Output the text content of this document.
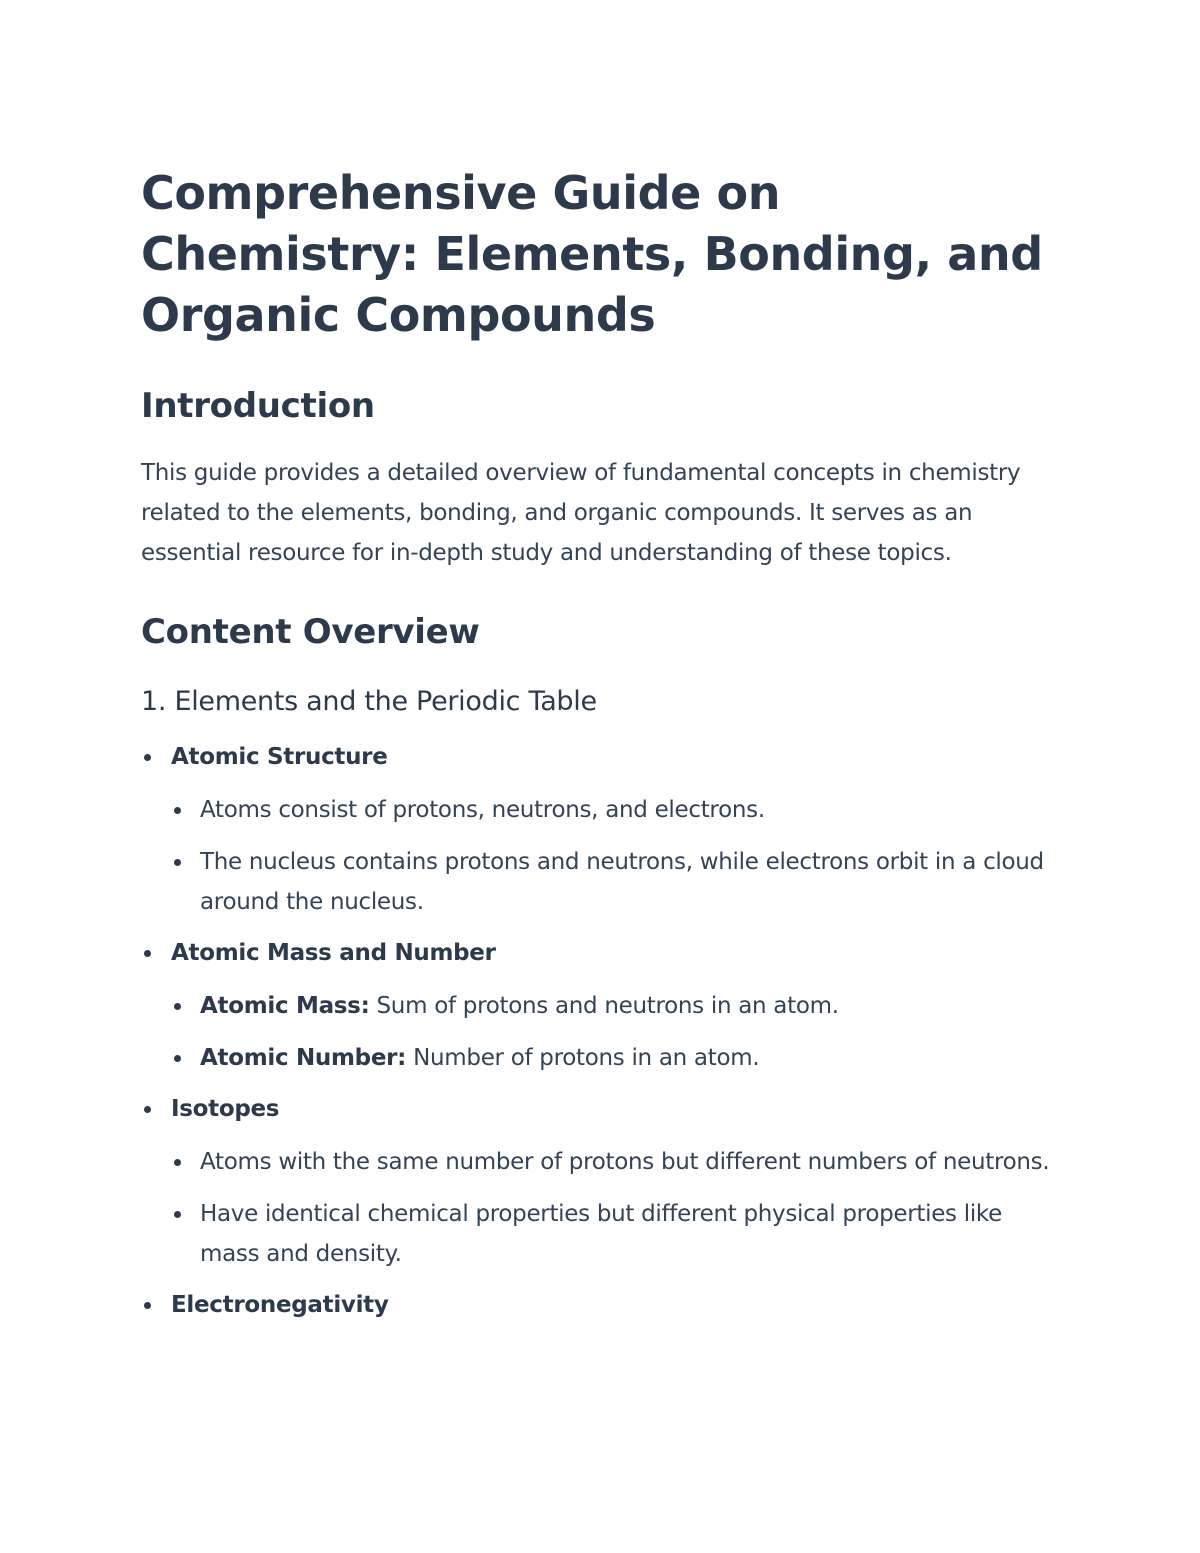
Comprehensive Guide on Chemistry: Elements, Bonding, and Organic Compounds
Introduction

This guide provides a detailed overview of fundamental concepts in chemistry related to the elements, bonding, and organic compounds. It serves as an essential resource for in-depth study and understanding of these topics.

Content Overview
1. Elements and the Periodic Table
Atomic Structure
Atoms consist of protons, neutrons, and electrons.
The nucleus contains protons and neutrons, while electrons orbit in a cloud around the nucleus.
Atomic Mass and Number
Atomic Mass: Sum of protons and neutrons in an atom.
Atomic Number: Number of protons in an atom.
Isotopes
Atoms with the same number of protons but different numbers of neutrons.
Have identical chemical properties but different physical properties like mass and density.
Electronegativity
